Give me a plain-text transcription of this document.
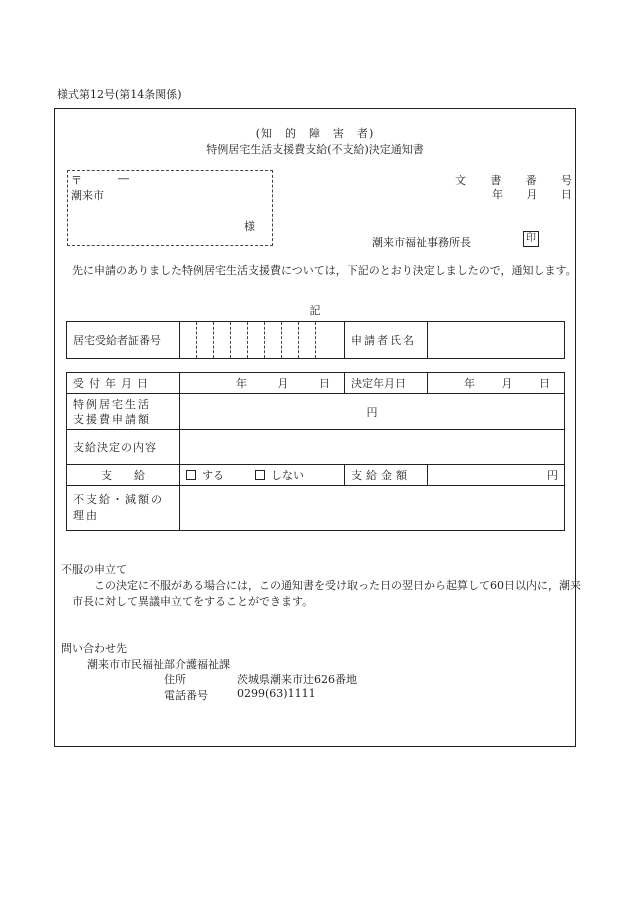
様式第12号(第14条関係)
(知　的　障　害　者)
特例居宅生活支援費支給(不支給)決定通知書
〒	―
潮来市
様
文 書 番 号
年 月 日
潮来市福祉事務所長	印
先に申請のありました特例居宅生活支援費については，下記のとおり決定しましたので，通知します。
記
居宅受給者証番号		申請者氏名	
受付年月日	年 月 日	決定年月日	年 月 日

特例居宅生活
支援費申請額	円		
支給決定の内容			
支　　給	する しない	支給金額	円
不支給・減額の理由			
不服の申立て
この決定に不服がある場合には，この通知書を受け取った日の翌日から起算して60日以内に，潮来市長に対して異議申立てをすることができます。
問い合わせ先
潮来市市民福祉部介護福祉課
住所	茨城県潮来市辻626番地
電話番号	0299(63)1111
